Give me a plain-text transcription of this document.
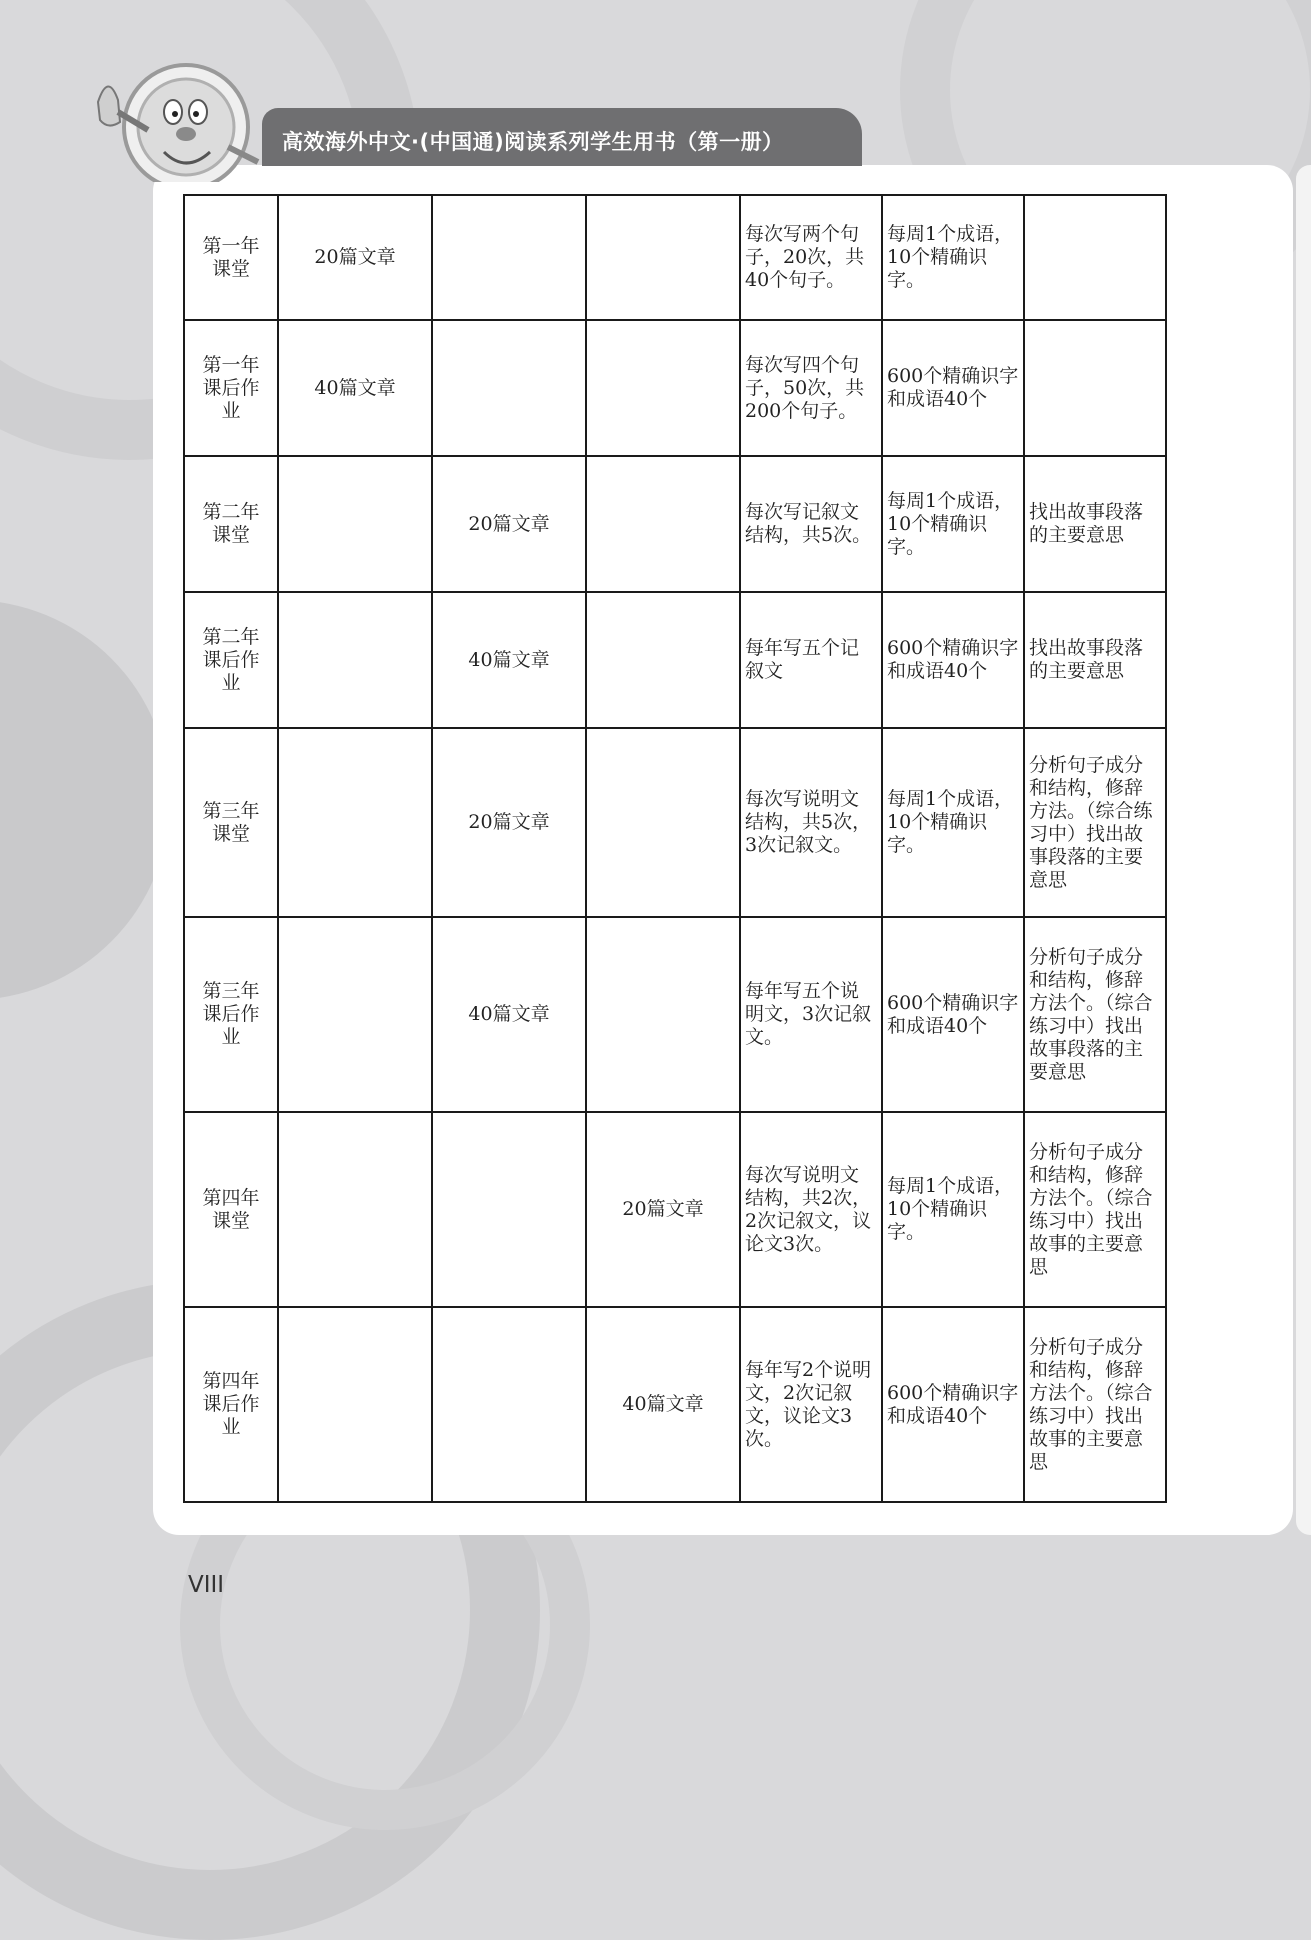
高效海外中文·(中国通)阅读系列学生用书（第一册）
第一年课堂	20篇文章			每次写两个句子，20次，共40个句子。	每周1个成语，10个精确识字。	
第一年课后作业	40篇文章			每次写四个句子，50次，共200个句子。	600个精确识字和成语40个	
第二年课堂		20篇文章		每次写记叙文结构，共5次。	每周1个成语，10个精确识字。	找出故事段落的主要意思
第二年课后作业		40篇文章		每年写五个记叙文	600个精确识字和成语40个	找出故事段落的主要意思
第三年课堂		20篇文章		每次写说明文结构，共5次，3次记叙文。	每周1个成语，10个精确识字。	分析句子成分和结构，修辞方法。（综合练习中）找出故事段落的主要意思
第三年课后作业		40篇文章		每年写五个说明文，3次记叙文。	600个精确识字和成语40个	分析句子成分和结构，修辞方法个。（综合练习中）找出故事段落的主要意思
第四年课堂			20篇文章	每次写说明文结构，共2次，2次记叙文，议论文3次。	每周1个成语，10个精确识字。	分析句子成分和结构，修辞方法个。（综合练习中）找出故事的主要意思
第四年课后作业			40篇文章	每年写2个说明文，2次记叙文，议论文3次。	600个精确识字和成语40个	分析句子成分和结构，修辞方法个。（综合练习中）找出故事的主要意思
VIII
